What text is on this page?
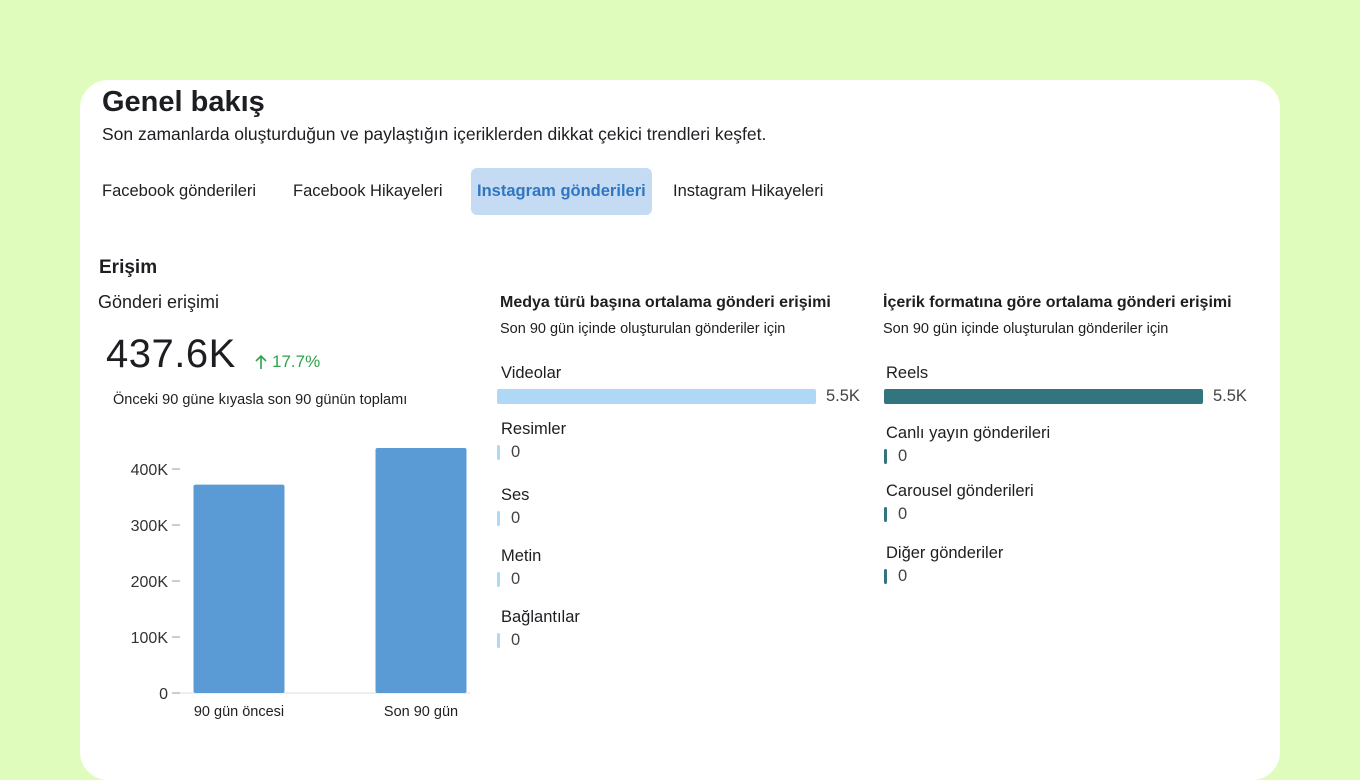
Genel bakış

Son zamanlarda oluşturduğun ve paylaştığın içeriklerden dikkat çekici trendleri keşfet.

Facebook gönderileri	Facebook Hikayeleri	Instagram gönderileri	Instagram Hikayeleri
Erişim
Gönderi erişimi
437.6K 17.7%
Önceki 90 güne kıyasla son 90 günün toplamı
0
100K
200K
300K
400K
90 gün öncesi	Son 90 gün
Medya türü başına ortalama gönderi erişimi
Son 90 gün içinde oluşturulan gönderiler için
Videolar
5.5K
Resimler
0
Ses
0
Metin
0
Bağlantılar
0
İçerik formatına göre ortalama gönderi erişimi
Son 90 gün içinde oluşturulan gönderiler için
Reels
5.5K
Canlı yayın gönderileri
0
Carousel gönderileri
0
Diğer gönderiler
0
